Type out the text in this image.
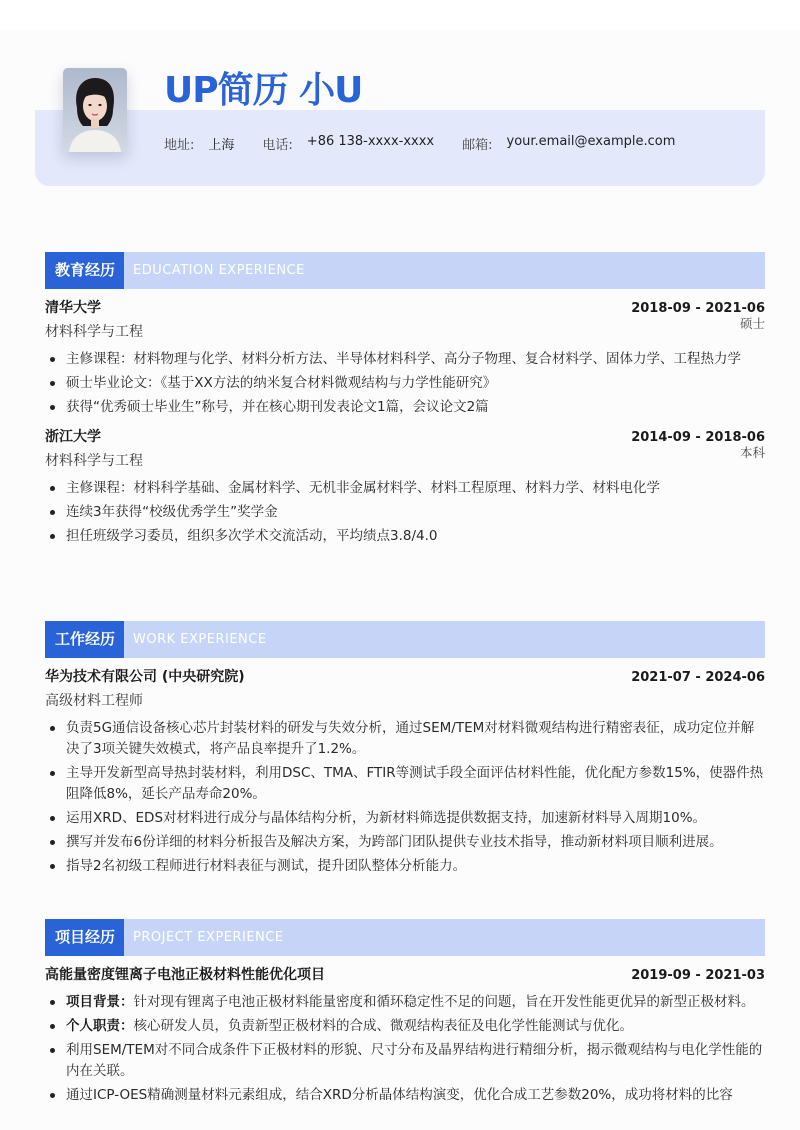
UP简历 小U
地址: 上海 电话: +86 138-xxxx-xxxx 邮箱: your.email@example.com
教育经历	EDUCATION EXPERIENCE
清华大学	2018-09 - 2021-06
材料科学与工程
硕士
主修课程：材料物理与化学、材料分析方法、半导体材料科学、高分子物理、复合材料学、固体力学、工程热力学
硕士毕业论文：《基于XX方法的纳米复合材料微观结构与力学性能研究》
获得“优秀硕士毕业生”称号，并在核心期刊发表论文1篇，会议论文2篇
浙江大学	2014-09 - 2018-06
材料科学与工程
本科
主修课程：材料科学基础、金属材料学、无机非金属材料学、材料工程原理、材料力学、材料电化学
连续3年获得“校级优秀学生”奖学金
担任班级学习委员，组织多次学术交流活动，平均绩点3.8/4.0
工作经历	WORK EXPERIENCE
华为技术有限公司 (中央研究院)	2021-07 - 2024-06
高级材料工程师
负责5G通信设备核心芯片封装材料的研发与失效分析，通过SEM/TEM对材料微观结构进行精密表征，成功定位并解决了3项关键失效模式，将产品良率提升了1.2%。
主导开发新型高导热封装材料，利用DSC、TMA、FTIR等测试手段全面评估材料性能，优化配方参数15%，使器件热阻降低8%，延长产品寿命20%。
运用XRD、EDS对材料进行成分与晶体结构分析，为新材料筛选提供数据支持，加速新材料导入周期10%。
撰写并发布6份详细的材料分析报告及解决方案，为跨部门团队提供专业技术指导，推动新材料项目顺利进展。
指导2名初级工程师进行材料表征与测试，提升团队整体分析能力。
项目经历	PROJECT EXPERIENCE
高能量密度锂离子电池正极材料性能优化项目	2019-09 - 2021-03
项目背景：针对现有锂离子电池正极材料能量密度和循环稳定性不足的问题，旨在开发性能更优异的新型正极材料。
个人职责：核心研发人员，负责新型正极材料的合成、微观结构表征及电化学性能测试与优化。
利用SEM/TEM对不同合成条件下正极材料的形貌、尺寸分布及晶界结构进行精细分析，揭示微观结构与电化学性能的内在关联。
通过ICP-OES精确测量材料元素组成，结合XRD分析晶体结构演变，优化合成工艺参数20%，成功将材料的比容
